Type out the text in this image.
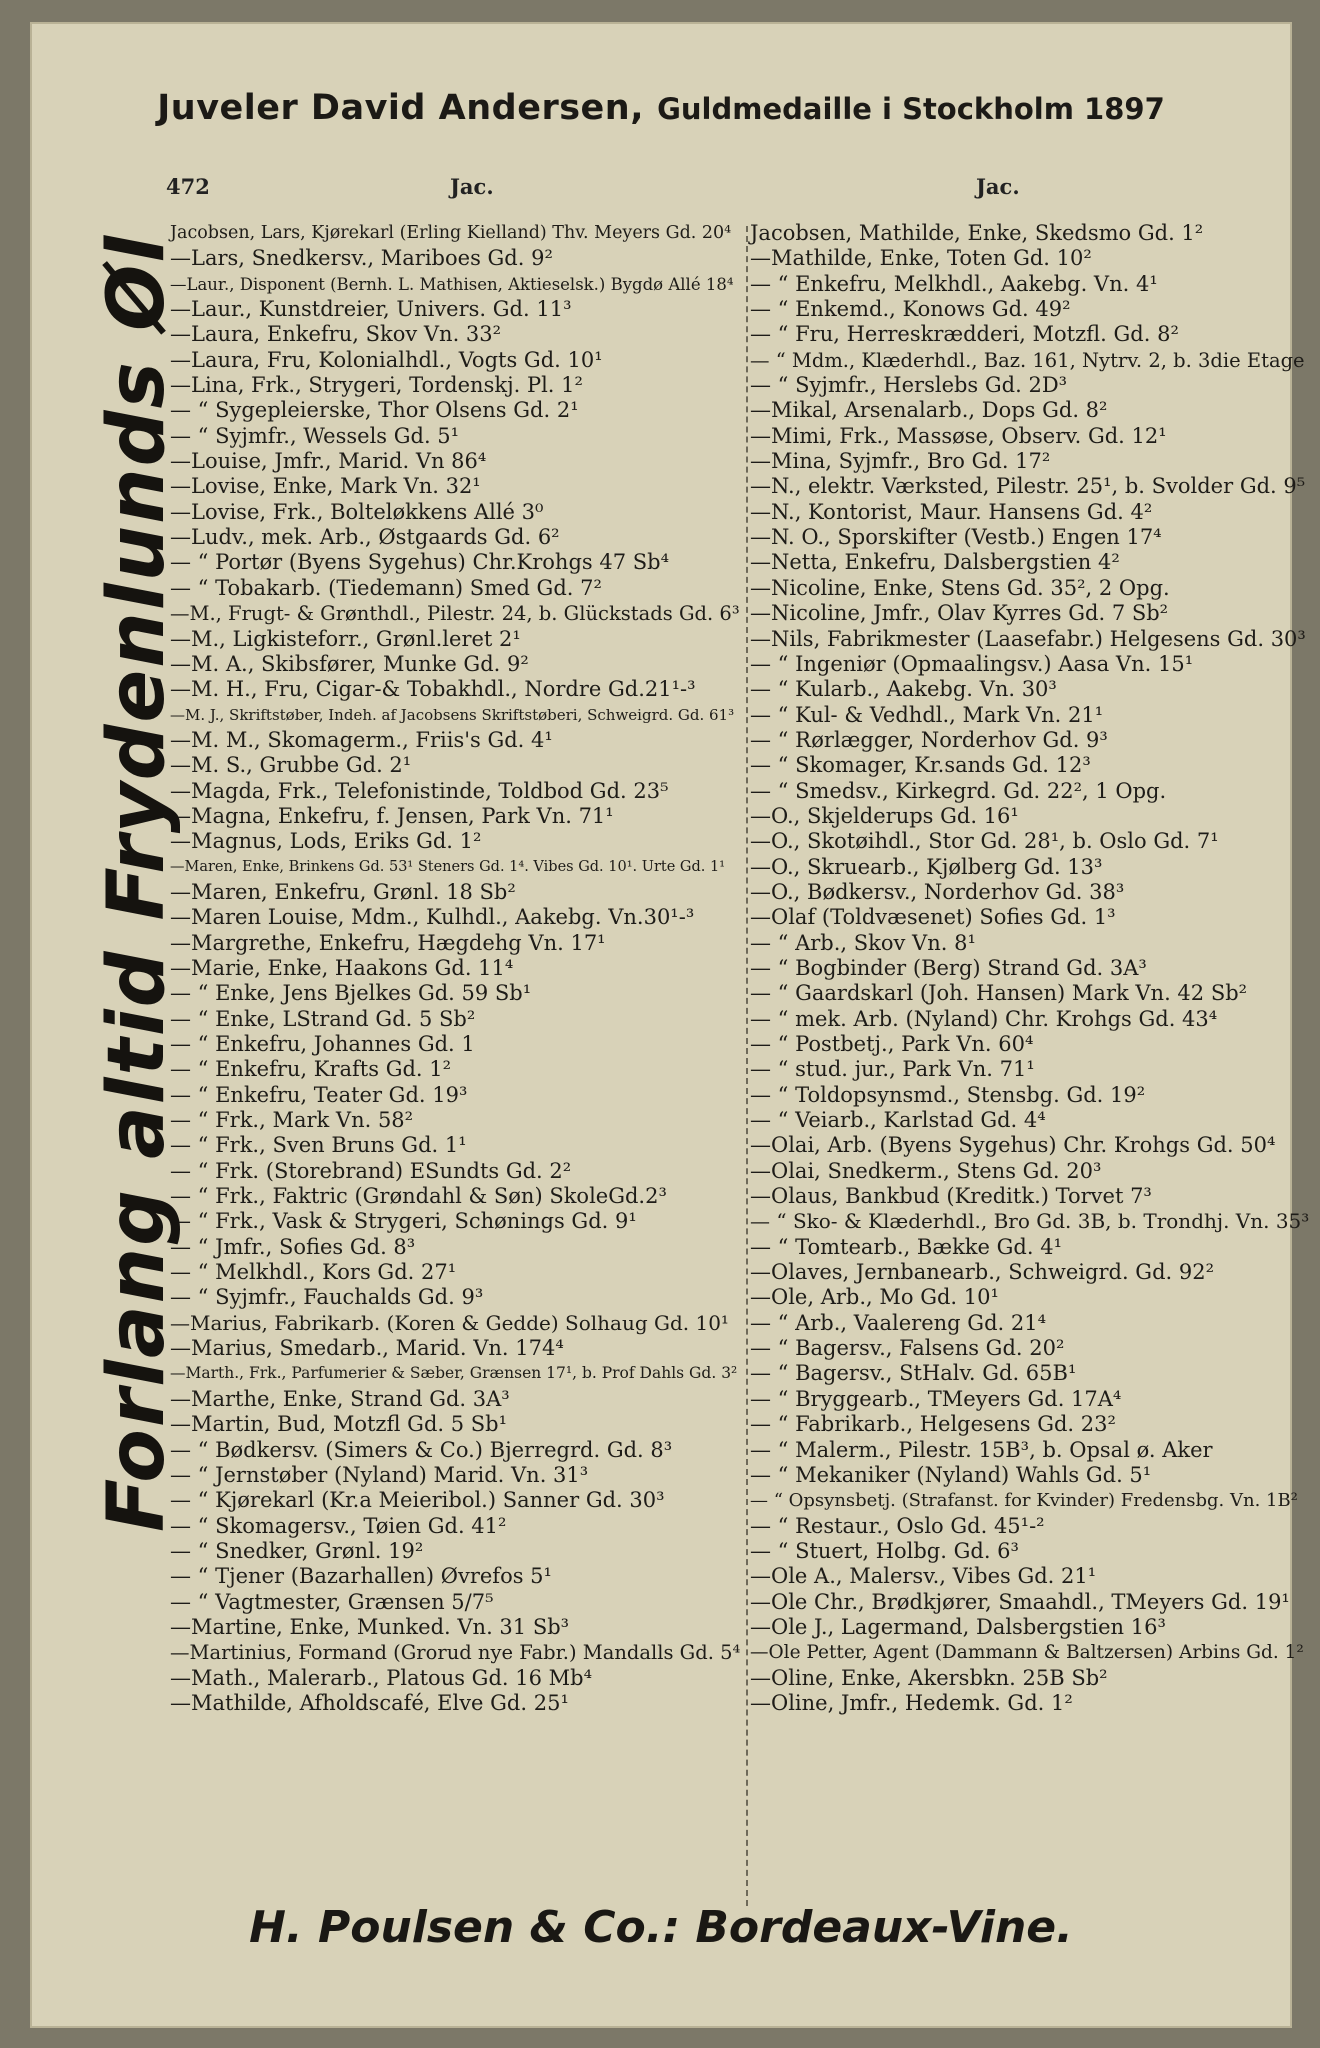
Juveler David Andersen, Guldmedaille i Stockholm 1897
472	Jac.	Jac.
Jacobsen, Lars, Kjørekarl (Erling Kielland) Thv. Meyers Gd. 20⁴
—Lars, Snedkersv., Mariboes Gd. 9²
—Laur., Disponent (Bernh. L. Mathisen, Aktieselsk.) Bygdø Allé 18⁴
—Laur., Kunstdreier, Univers. Gd. 11³
—Laura, Enkefru, Skov Vn. 33²
—Laura, Fru, Kolonialhdl., Vogts Gd. 10¹
—Lina, Frk., Strygeri, Tordenskj. Pl. 1²
— “ Sygepleierske, Thor Olsens Gd. 2¹
— “ Syjmfr., Wessels Gd. 5¹
—Louise, Jmfr., Marid. Vn 86⁴
—Lovise, Enke, Mark Vn. 32¹
—Lovise, Frk., Bolteløkkens Allé 3⁰
—Ludv., mek. Arb., Østgaards Gd. 6²
— “ Portør (Byens Sygehus) Chr.Krohgs 47 Sb⁴
— “ Tobakarb. (Tiedemann) Smed Gd. 7²
—M., Frugt- & Grønthdl., Pilestr. 24, b. Glückstads Gd. 6³
—M., Ligkisteforr., Grønl.leret 2¹
—M. A., Skibsfører, Munke Gd. 9²
—M. H., Fru, Cigar-& Tobakhdl., Nordre Gd.21¹-³
—M. J., Skriftstøber, Indeh. af Jacobsens Skriftstøberi, Schweigrd. Gd. 61³
—M. M., Skomagerm., Friis's Gd. 4¹
—M. S., Grubbe Gd. 2¹
—Magda, Frk., Telefonistinde, Toldbod Gd. 23⁵
—Magna, Enkefru, f. Jensen, Park Vn. 71¹
—Magnus, Lods, Eriks Gd. 1²
—Maren, Enke, Brinkens Gd. 53¹ Steners Gd. 1⁴. Vibes Gd. 10¹. Urte Gd. 1¹
—Maren, Enkefru, Grønl. 18 Sb²
—Maren Louise, Mdm., Kulhdl., Aakebg. Vn.30¹-³
—Margrethe, Enkefru, Hægdehg Vn. 17¹
—Marie, Enke, Haakons Gd. 11⁴
— “ Enke, Jens Bjelkes Gd. 59 Sb¹
— “ Enke, LStrand Gd. 5 Sb²
— “ Enkefru, Johannes Gd. 1
— “ Enkefru, Krafts Gd. 1²
— “ Enkefru, Teater Gd. 19³
— “ Frk., Mark Vn. 58²
— “ Frk., Sven Bruns Gd. 1¹
— “ Frk. (Storebrand) ESundts Gd. 2²
— “ Frk., Faktric (Grøndahl & Søn) SkoleGd.2³
— “ Frk., Vask & Strygeri, Schønings Gd. 9¹
— “ Jmfr., Sofies Gd. 8³
— “ Melkhdl., Kors Gd. 27¹
— “ Syjmfr., Fauchalds Gd. 9³
—Marius, Fabrikarb. (Koren & Gedde) Solhaug Gd. 10¹
—Marius, Smedarb., Marid. Vn. 174⁴
—Marth., Frk., Parfumerier & Sæber, Grænsen 17¹, b. Prof Dahls Gd. 3²
—Marthe, Enke, Strand Gd. 3A³
—Martin, Bud, Motzfl Gd. 5 Sb¹
— “ Bødkersv. (Simers & Co.) Bjerregrd. Gd. 8³
— “ Jernstøber (Nyland) Marid. Vn. 31³
— “ Kjørekarl (Kr.a Meieribol.) Sanner Gd. 30³
— “ Skomagersv., Tøien Gd. 41²
— “ Snedker, Grønl. 19²
— “ Tjener (Bazarhallen) Øvrefos 5¹
— “ Vagtmester, Grænsen 5/7⁵
—Martine, Enke, Munked. Vn. 31 Sb³
—Martinius, Formand (Grorud nye Fabr.) Mandalls Gd. 5⁴
—Math., Malerarb., Platous Gd. 16 Mb⁴
—Mathilde, Afholdscafé, Elve Gd. 25¹
Jacobsen, Mathilde, Enke, Skedsmo Gd. 1²
—Mathilde, Enke, Toten Gd. 10²
— “ Enkefru, Melkhdl., Aakebg. Vn. 4¹
— “ Enkemd., Konows Gd. 49²
— “ Fru, Herreskrædderi, Motzfl. Gd. 8²
— “ Mdm., Klæderhdl., Baz. 161, Nytrv. 2, b. 3die Etage
— “ Syjmfr., Herslebs Gd. 2D³
—Mikal, Arsenalarb., Dops Gd. 8²
—Mimi, Frk., Massøse, Observ. Gd. 12¹
—Mina, Syjmfr., Bro Gd. 17²
—N., elektr. Værksted, Pilestr. 25¹, b. Svolder Gd. 9⁵
—N., Kontorist, Maur. Hansens Gd. 4²
—N. O., Sporskifter (Vestb.) Engen 17⁴
—Netta, Enkefru, Dalsbergstien 4²
—Nicoline, Enke, Stens Gd. 35², 2 Opg.
—Nicoline, Jmfr., Olav Kyrres Gd. 7 Sb²
—Nils, Fabrikmester (Laasefabr.) Helgesens Gd. 30³
— “ Ingeniør (Opmaalingsv.) Aasa Vn. 15¹
— “ Kularb., Aakebg. Vn. 30³
— “ Kul- & Vedhdl., Mark Vn. 21¹
— “ Rørlægger, Norderhov Gd. 9³
— “ Skomager, Kr.sands Gd. 12³
— “ Smedsv., Kirkegrd. Gd. 22², 1 Opg.
—O., Skjelderups Gd. 16¹
—O., Skotøihdl., Stor Gd. 28¹, b. Oslo Gd. 7¹
—O., Skruearb., Kjølberg Gd. 13³
—O., Bødkersv., Norderhov Gd. 38³
—Olaf (Toldvæsenet) Sofies Gd. 1³
— “ Arb., Skov Vn. 8¹
— “ Bogbinder (Berg) Strand Gd. 3A³
— “ Gaardskarl (Joh. Hansen) Mark Vn. 42 Sb²
— “ mek. Arb. (Nyland) Chr. Krohgs Gd. 43⁴
— “ Postbetj., Park Vn. 60⁴
— “ stud. jur., Park Vn. 71¹
— “ Toldopsynsmd., Stensbg. Gd. 19²
— “ Veiarb., Karlstad Gd. 4⁴
—Olai, Arb. (Byens Sygehus) Chr. Krohgs Gd. 50⁴
—Olai, Snedkerm., Stens Gd. 20³
—Olaus, Bankbud (Kreditk.) Torvet 7³
— “ Sko- & Klæderhdl., Bro Gd. 3B, b. Trondhj. Vn. 35³
— “ Tomtearb., Bække Gd. 4¹
—Olaves, Jernbanearb., Schweigrd. Gd. 92²
—Ole, Arb., Mo Gd. 10¹
— “ Arb., Vaalereng Gd. 21⁴
— “ Bagersv., Falsens Gd. 20²
— “ Bagersv., StHalv. Gd. 65B¹
— “ Bryggearb., TMeyers Gd. 17A⁴
— “ Fabrikarb., Helgesens Gd. 23²
— “ Malerm., Pilestr. 15B³, b. Opsal ø. Aker
— “ Mekaniker (Nyland) Wahls Gd. 5¹
— “ Opsynsbetj. (Strafanst. for Kvinder) Fredensbg. Vn. 1B²
— “ Restaur., Oslo Gd. 45¹-²
— “ Stuert, Holbg. Gd. 6³
—Ole A., Malersv., Vibes Gd. 21¹
—Ole Chr., Brødkjører, Smaahdl., TMeyers Gd. 19¹
—Ole J., Lagermand, Dalsbergstien 16³
—Ole Petter, Agent (Dammann & Baltzersen) Arbins Gd. 1²
—Oline, Enke, Akersbkn. 25B Sb²
—Oline, Jmfr., Hedemk. Gd. 1²
Forlang altid Frydenlunds Øl
H. Poulsen & Co.: Bordeaux-Vine.
